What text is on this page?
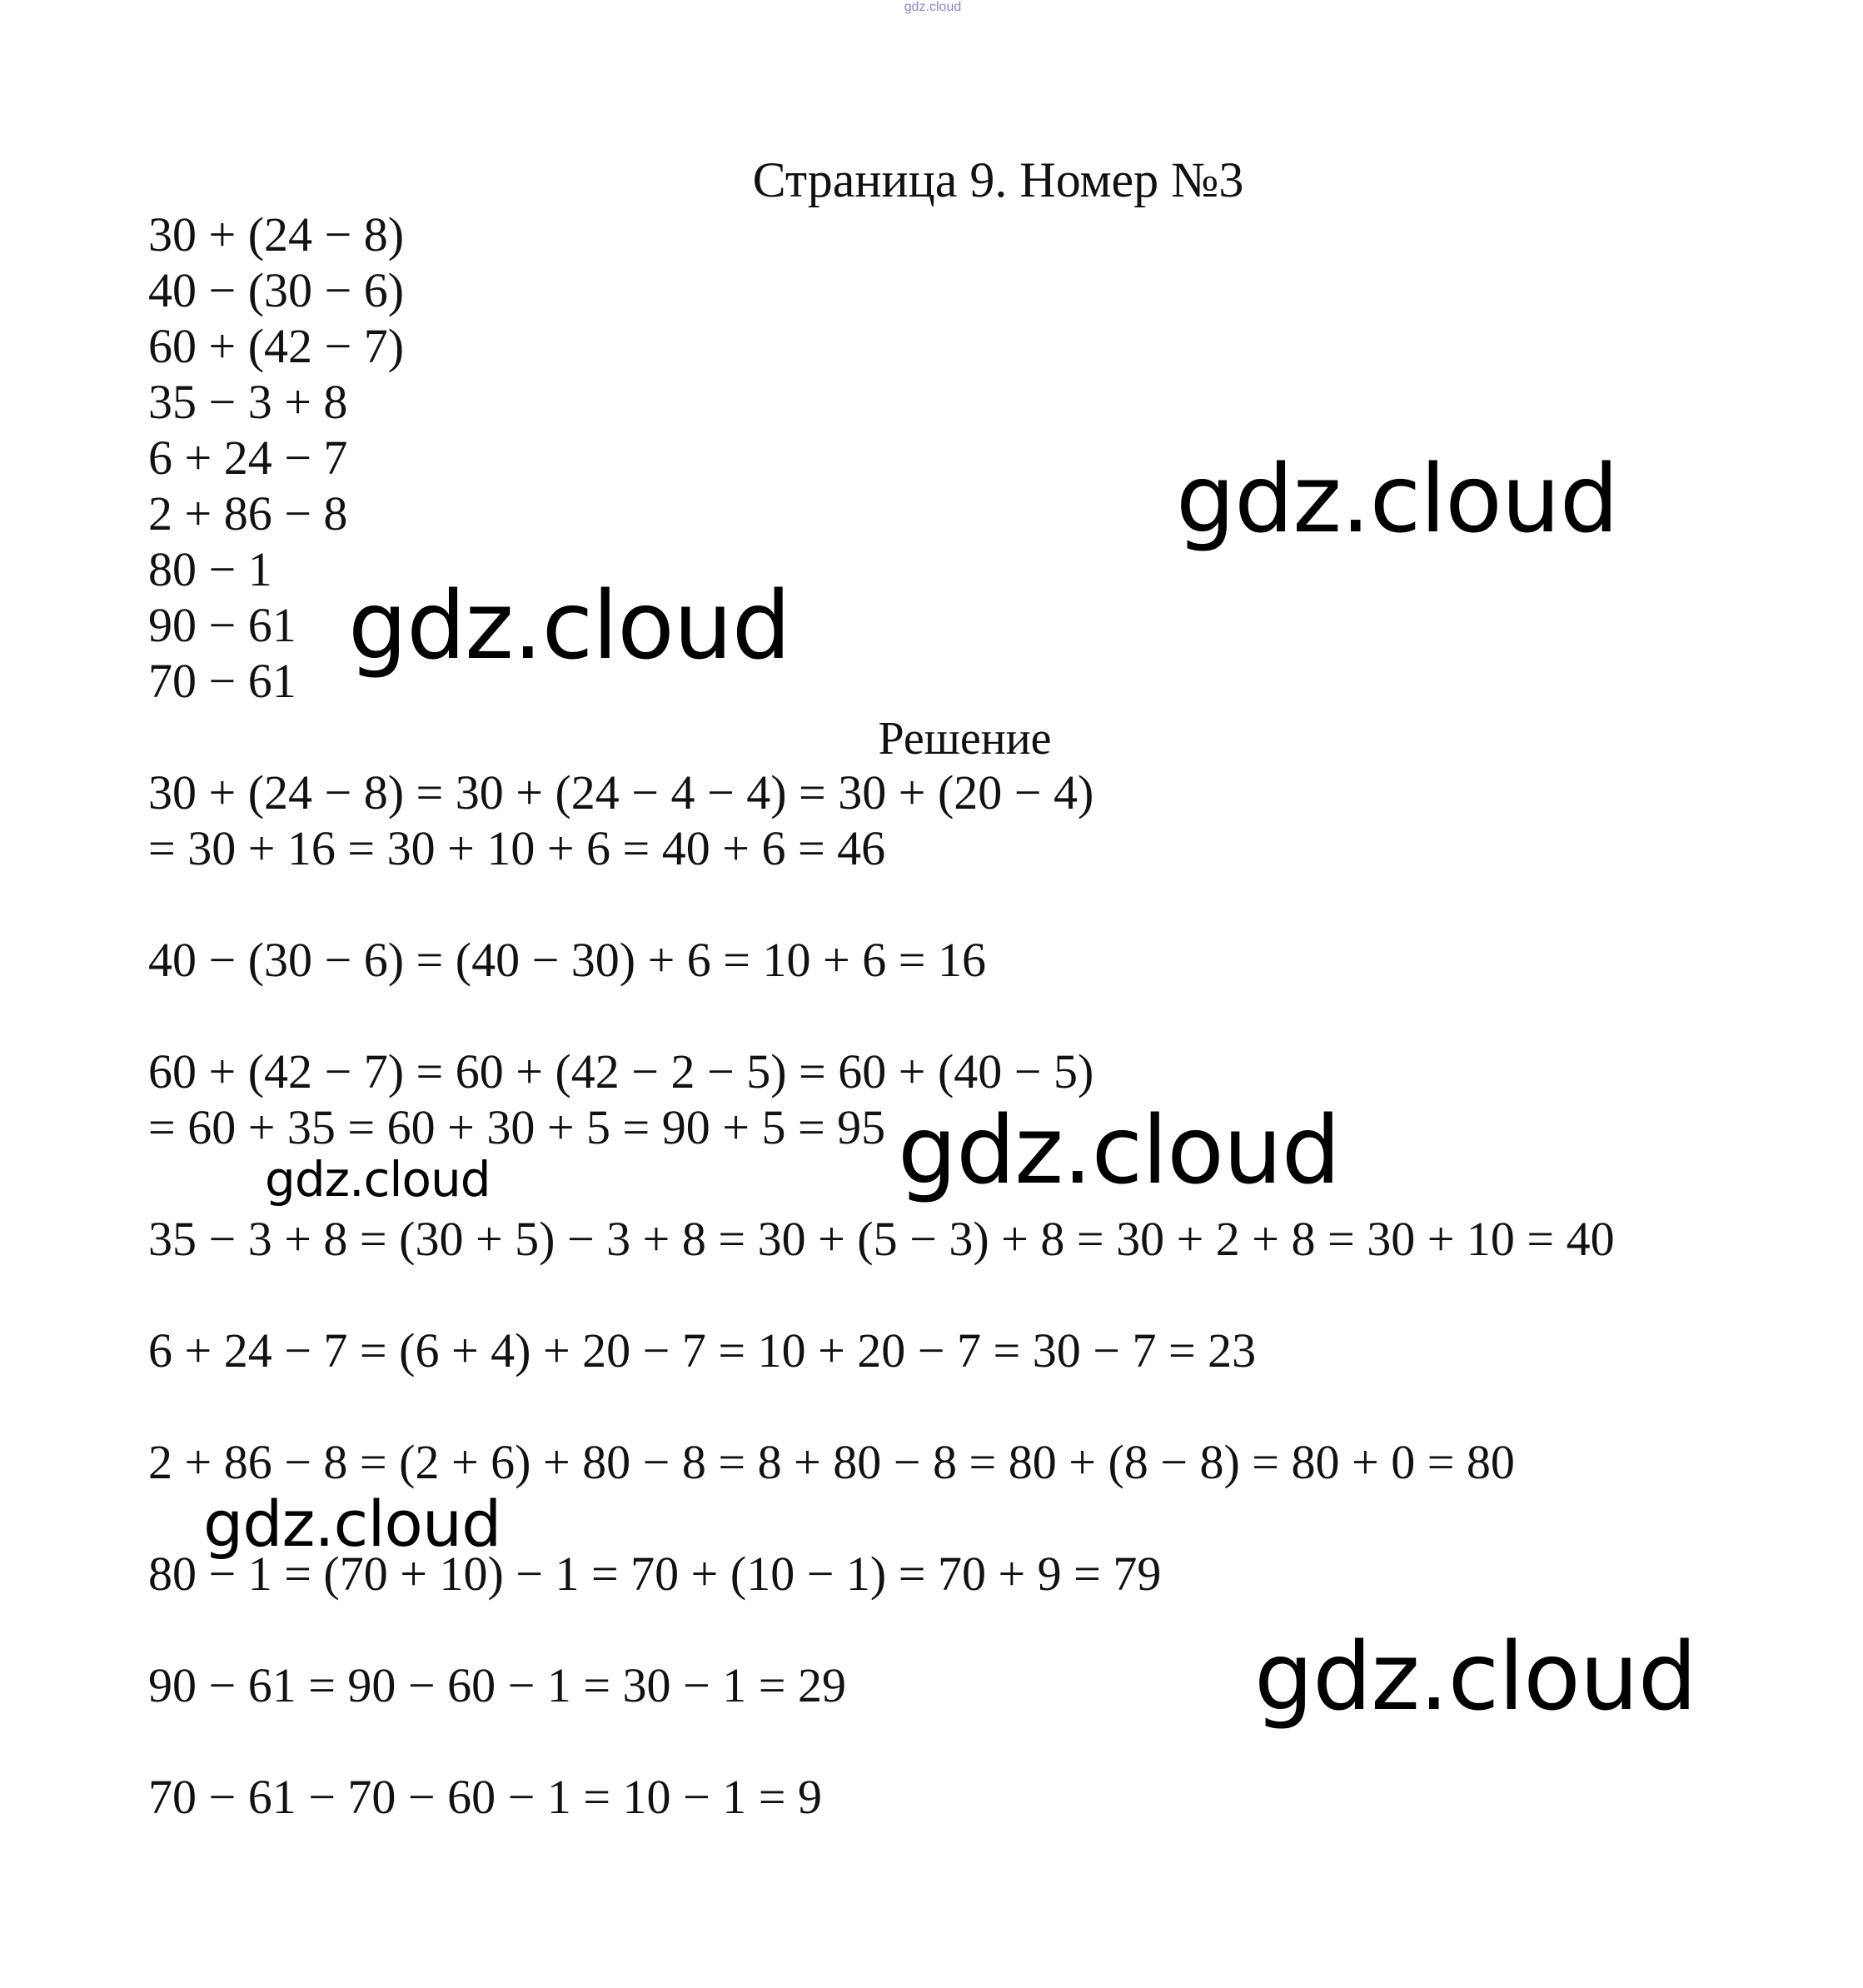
gdz.cloud
Страница 9. Номер №3
30 + (24 − 8)
40 − (30 − 6)
60 + (42 − 7)
35 − 3 + 8
6 + 24 − 7
2 + 86 − 8
80 − 1
90 − 61
70 − 61
Решение
30 + (24 − 8) = 30 + (24 − 4 − 4) = 30 + (20 − 4)
= 30 + 16 = 30 + 10 + 6 = 40 + 6 = 46
40 − (30 − 6) = (40 − 30) + 6 = 10 + 6 = 16
60 + (42 − 7) = 60 + (42 − 2 − 5) = 60 + (40 − 5)
= 60 + 35 = 60 + 30 + 5 = 90 + 5 = 95
35 − 3 + 8 = (30 + 5) − 3 + 8 = 30 + (5 − 3) + 8 = 30 + 2 + 8 = 30 + 10 = 40
6 + 24 − 7 = (6 + 4) + 20 − 7 = 10 + 20 − 7 = 30 − 7 = 23
2 + 86 − 8 = (2 + 6) + 80 − 8 = 8 + 80 − 8 = 80 + (8 − 8) = 80 + 0 = 80
80 − 1 = (70 + 10) − 1 = 70 + (10 − 1) = 70 + 9 = 79
90 − 61 = 90 − 60 − 1 = 30 − 1 = 29
70 − 61 − 70 − 60 − 1 = 10 − 1 = 9
gdz.cloud
gdz.cloud
gdz.cloud
gdz.cloud
gdz.cloud
gdz.cloud
